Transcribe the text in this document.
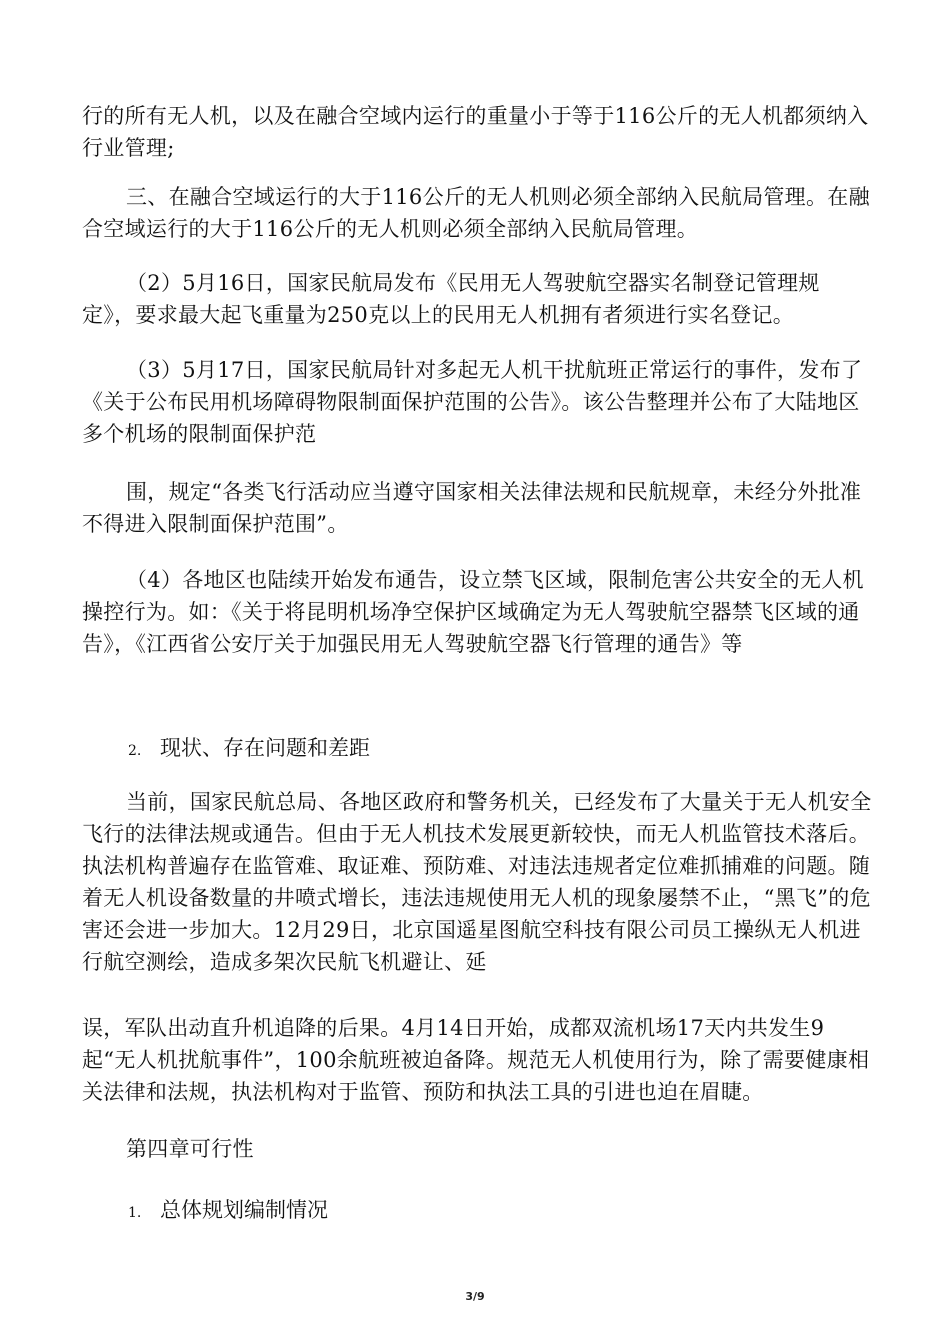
行的所有无人机，以及在融合空域内运行的重量小于等于116公斤的无人机都须纳入行业管理;

三、在融合空域运行的大于116公斤的无人机则必须全部纳入民航局管理。在融合空域运行的大于116公斤的无人机则必须全部纳入民航局管理。

（2）5月16日，国家民航局发布《民用无人驾驶航空器实名制登记管理规定》，要求最大起飞重量为250克以上的民用无人机拥有者须进行实名登记。

（3）5月17日，国家民航局针对多起无人机干扰航班正常运行的事件，发布了《关于公布民用机场障碍物限制面保护范围的公告》。该公告整理并公布了大陆地区多个机场的限制面保护范

围，规定“各类飞行活动应当遵守国家相关法律法规和民航规章，未经分外批准不得进入限制面保护范围”。

（4）各地区也陆续开始发布通告，设立禁飞区域，限制危害公共安全的无人机操控行为。如：《关于将昆明机场净空保护区域确定为无人驾驶航空器禁飞区域的通告》，《江西省公安厅关于加强民用无人驾驶航空器飞行管理的通告》等

2. 现状、存在问题和差距

当前，国家民航总局、各地区政府和警务机关，已经发布了大量关于无人机安全飞行的法律法规或通告。但由于无人机技术发展更新较快，而无人机监管技术落后。执法机构普遍存在监管难、取证难、预防难、对违法违规者定位难抓捕难的问题。随着无人机设备数量的井喷式增长，违法违规使用无人机的现象屡禁不止，“黑飞”的危害还会进一步加大。12月29日，北京国遥星图航空科技有限公司员工操纵无人机进行航空测绘，造成多架次民航飞机避让、延

误，军队出动直升机追降的后果。4月14日开始，成都双流机场17天内共发生9起“无人机扰航事件”，100余航班被迫备降。规范无人机使用行为，除了需要健康相关法律和法规，执法机构对于监管、预防和执法工具的引进也迫在眉睫。

第四章可行性

1. 总体规划编制情况

3/9
